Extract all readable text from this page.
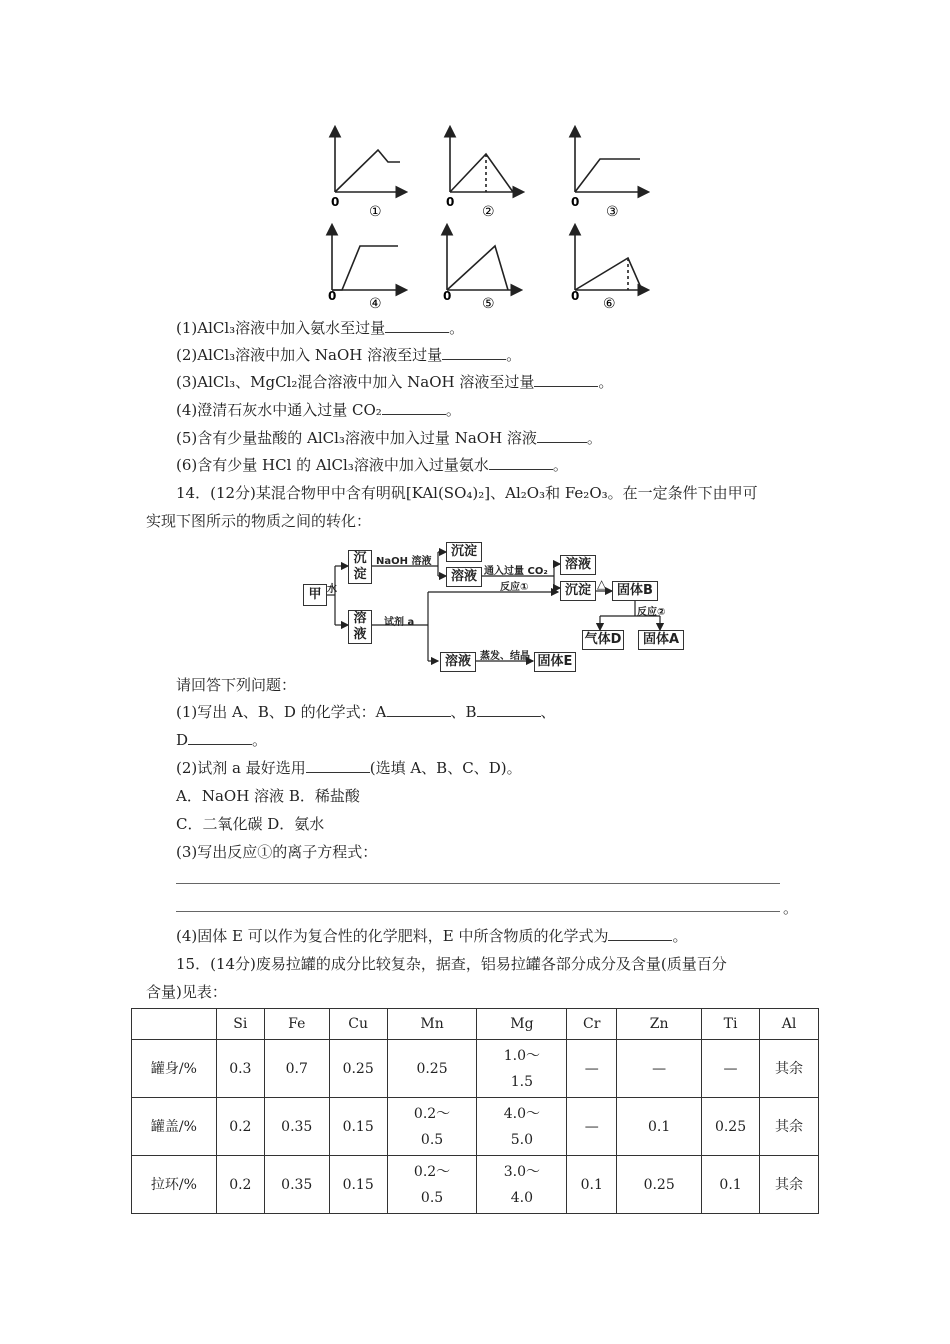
0
①
0
②
0
③
0 ④	0 ⑤	0 ⑥
(1)AlCl₃溶液中加入氨水至过量	。
(2)AlCl₃溶液中加入 NaOH 溶液至过量	。
(3)AlCl₃、MgCl₂混合溶液中加入 NaOH 溶液至过量	。
(4)澄清石灰水中通入过量 CO₂	。
(5)含有少量盐酸的 AlCl₃溶液中加入过量 NaOH 溶液	。
(6)含有少量 HCl 的 AlCl₃溶液中加入过量氨水	。
14．(12分)某混合物甲中含有明矾[KAl(SO₄)₂]、Al₂O₃和 Fe₂O₃。在一定条件下由甲可
实现下图所示的物质之间的转化：
甲 水
沉淀
溶液
NaOH 溶液
试剂 a
沉淀
溶液 通入过量 CO₂
反应①
溶液
沉淀 △ 固体B
反应②
气体D	固体A
溶液 蒸发、结晶 固体E
请回答下列问题：
(1)写出 A、B、D 的化学式：A	、B	、
D	。
(2)试剂 a 最好选用	(选填 A、B、C、D)。
A．NaOH 溶液 B．稀盐酸
C．二氧化碳 D．氨水
(3)写出反应①的离子方程式：
。
(4)固体 E 可以作为复合性的化学肥料，E 中所含物质的化学式为	。
15．(14分)废易拉罐的成分比较复杂，据查，铝易拉罐各部分成分及含量(质量百分
含量)见表：
	Si	Fe	Cu	Mn	Mg	Cr	Zn	Ti	Al
罐身/%	0.3	0.7	0.25	0.25	1.0～
1.5	—	—	—	其余
罐盖/%	0.2	0.35	0.15	0.2～
0.5	4.0～
5.0	—	0.1	0.25	其余
拉环/%	0.2	0.35	0.15	0.2～
0.5	3.0～
4.0	0.1	0.25	0.1	其余
